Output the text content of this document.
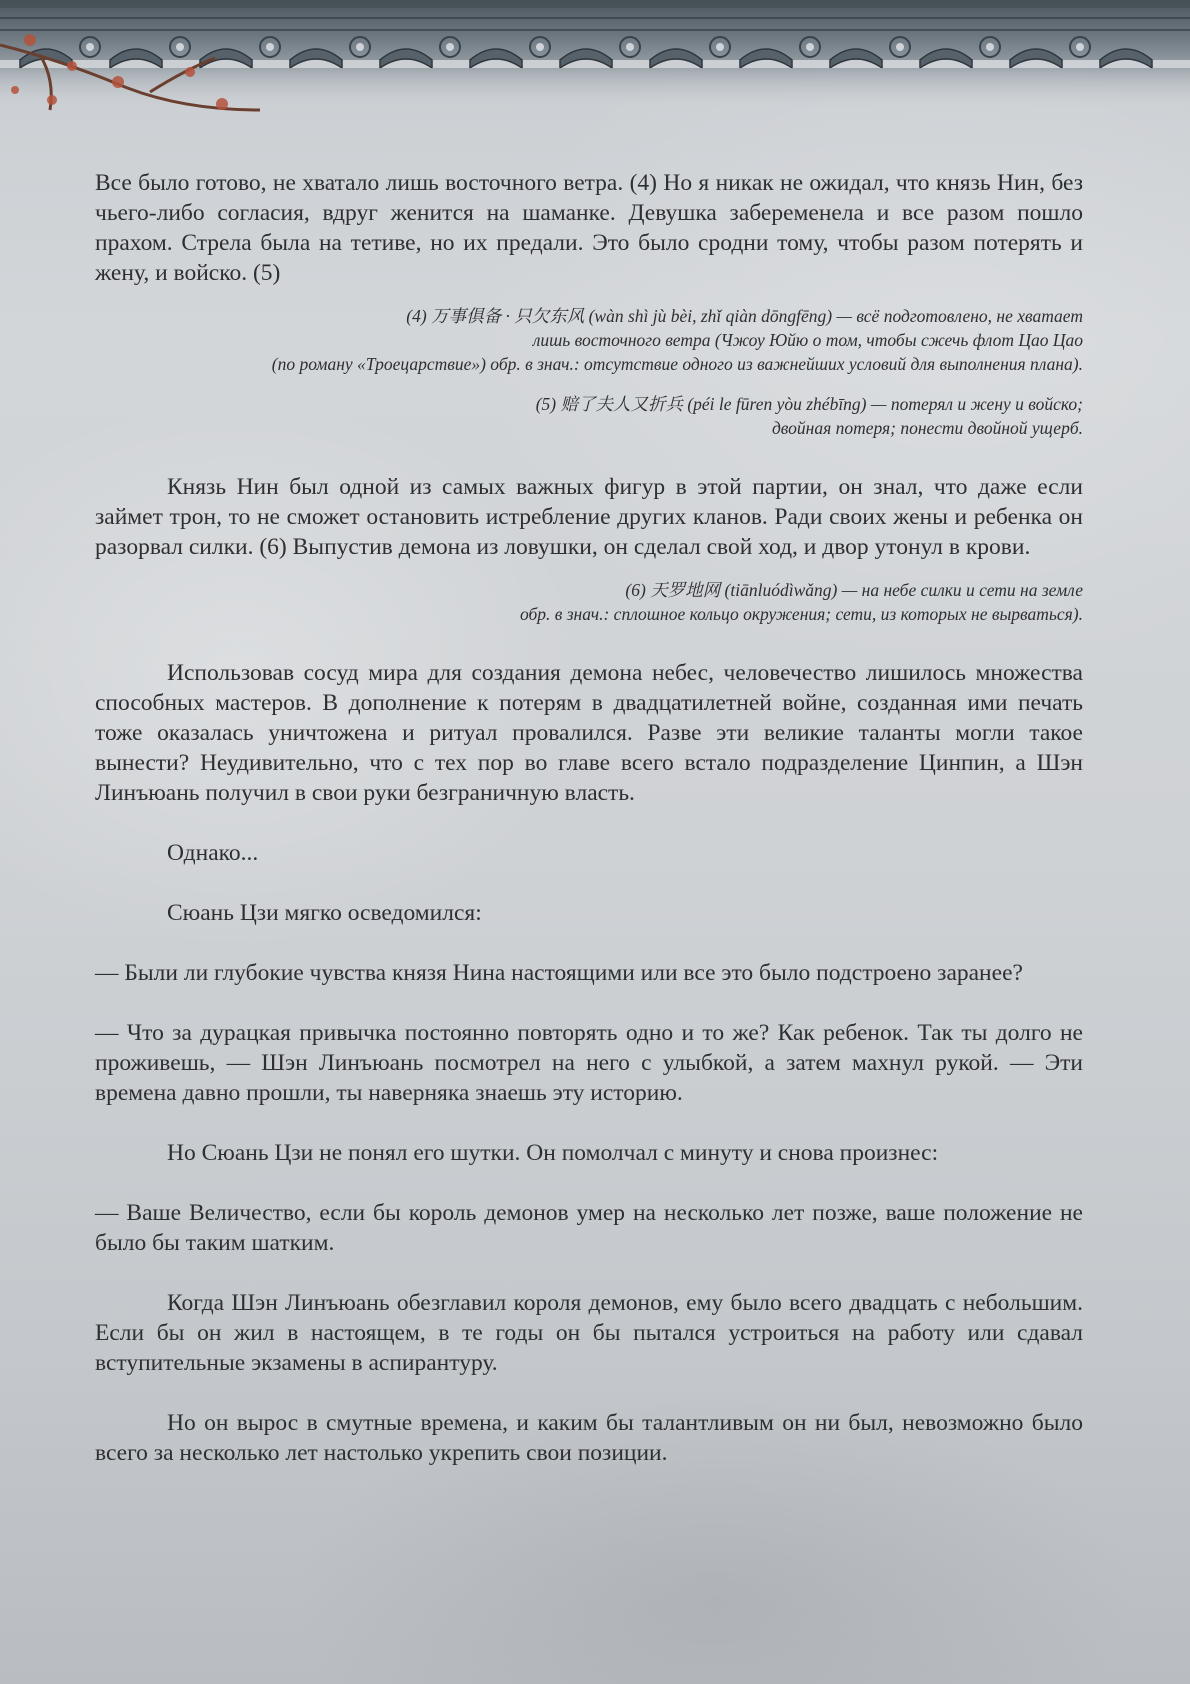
Все было готово, не хватало лишь восточного ветра. (4) Но я никак не ожидал, что князь Нин, без чьего-либо согласия, вдруг женится на шаманке. Девушка забеременела и все разом пошло прахом. Стрела была на тетиве, но их предали. Это было сродни тому, чтобы разом потерять и жену, и войско. (5)

(4) 万事俱备 · 只欠东风 (wàn shì jù bèi, zhǐ qiàn dōngfēng) — всё подготовлено, не хватает
лишь восточного ветра (Чжоу Юйю о том, чтобы сжечь флот Цао Цао
(по роману «Троецарствие») обр. в знач.: отсутствие одного из важнейших условий для выполнения плана).
(5) 赔了夫人又折兵 (péi le fūren yòu zhébīng) — потерял и жену и войско;
двойная потеря; понести двойной ущерб.

Князь Нин был одной из самых важных фигур в этой партии, он знал, что даже если займет трон, то не сможет остановить истребление других кланов. Ради своих жены и ребенка он разорвал силки. (6) Выпустив демона из ловушки, он сделал свой ход, и двор утонул в крови.

(6) 天罗地网 (tiānluódìwǎng) — на небе силки и сети на земле
обр. в знач.: сплошное кольцо окружения; сети, из которых не вырваться).

Использовав сосуд мира для создания демона небес, человечество лишилось множества способных мастеров. В дополнение к потерям в двадцатилетней войне, созданная ими печать тоже оказалась уничтожена и ритуал провалился. Разве эти великие таланты могли такое вынести? Неудивительно, что с тех пор во главе всего встало подразделение Цинпин, а Шэн Линъюань получил в свои руки безграничную власть.

Однако...

Сюань Цзи мягко осведомился:

— Были ли глубокие чувства князя Нина настоящими или все это было подстроено заранее?

— Что за дурацкая привычка постоянно повторять одно и то же? Как ребенок. Так ты долго не проживешь, — Шэн Линъюань посмотрел на него с улыбкой, а затем махнул рукой. — Эти времена давно прошли, ты наверняка знаешь эту историю.

Но Сюань Цзи не понял его шутки. Он помолчал с минуту и снова произнес:

— Ваше Величество, если бы король демонов умер на несколько лет позже, ваше положение не было бы таким шатким.

Когда Шэн Линъюань обезглавил короля демонов, ему было всего двадцать с небольшим. Если бы он жил в настоящем, в те годы он бы пытался устроиться на работу или сдавал вступительные экзамены в аспирантуру.

Но он вырос в смутные времена, и каким бы талантливым он ни был, невозможно было всего за несколько лет настолько укрепить свои позиции.
